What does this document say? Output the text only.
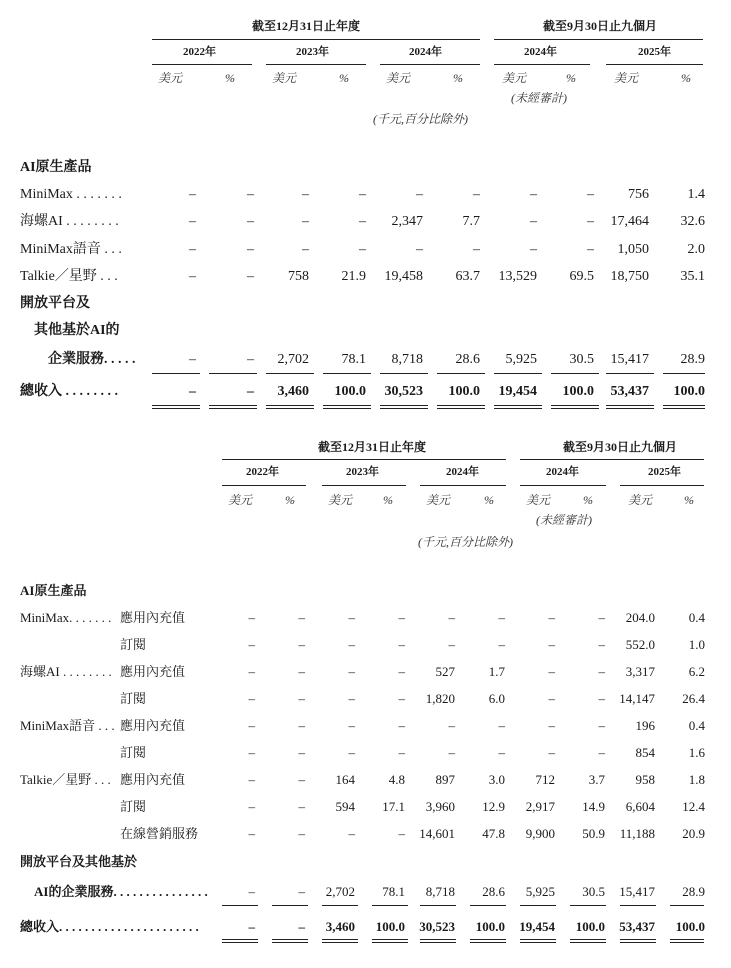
截至12月31日止年度	截至9月30日止九個月
2022年	2023年	2024年	2024年	2025年
美元	%	美元	%	美元	%	美元	%	美元	%
(未經審計)
(千元,百分比除外)
AI原生產品
MiniMax . . . . . . .	–	–	–	–	–	–	–	– 756	1.4
海螺AI . . . . . . . .	–	–	–	– 2,347	7.7	–	– 17,464 32.6
MiniMax語音 . . .	–	–	–	–	–	–	–	– 1,050	2.0
Talkie／星野 . . .	–	– 758 21.9 19,458 63.7 13,529 69.5 18,750 35.1
開放平台及
其他基於AI的
企業服務. . . . .	–	– 2,702 78.1 8,718 28.6 5,925 30.5 15,417 28.9
總收入 . . . . . . . .	–	– 3,460 100.0 30,523 100.0 19,454 100.0 53,437 100.0
截至12月31日止年度	截至9月30日止九個月
2022年	2023年	2024年	2024年	2025年
美元	%	美元	%	美元	%	美元	%	美元	%
(未經審計)
(千元,百分比除外)
AI原生產品
MiniMax. . . . . . . 應用內充值	–	–	–	–	–	–	–	– 204.0	0.4
訂閱	–	–	–	–	–	–	–	– 552.0	1.0
海螺AI . . . . . . . . 應用內充值	–	–	–	– 527	1.7	–	– 3,317	6.2
訂閱	–	–	–	– 1,820	6.0	–	– 14,147 26.4
MiniMax語音 . . . 應用內充值	–	–	–	–	–	–	–	– 196	0.4
訂閱	–	–	–	–	–	–	–	– 854	1.6
Talkie／星野 . . . 應用內充值	–	– 164	4.8 897	3.0 712	3.7 958	1.8
訂閱	–	– 594 17.1 3,960 12.9 2,917 14.9 6,604 12.4
在線營銷服務	–	–	–	– 14,601 47.8 9,900 50.9 11,188 20.9
開放平台及其他基於
AI的企業服務. . . . . . . . . . . . . . .	–	– 2,702 78.1 8,718 28.6 5,925 30.5 15,417 28.9
總收入. . . . . . . . . . . . . . . . . . . . . .	–	– 3,460 100.0 30,523 100.0 19,454 100.0 53,437 100.0
